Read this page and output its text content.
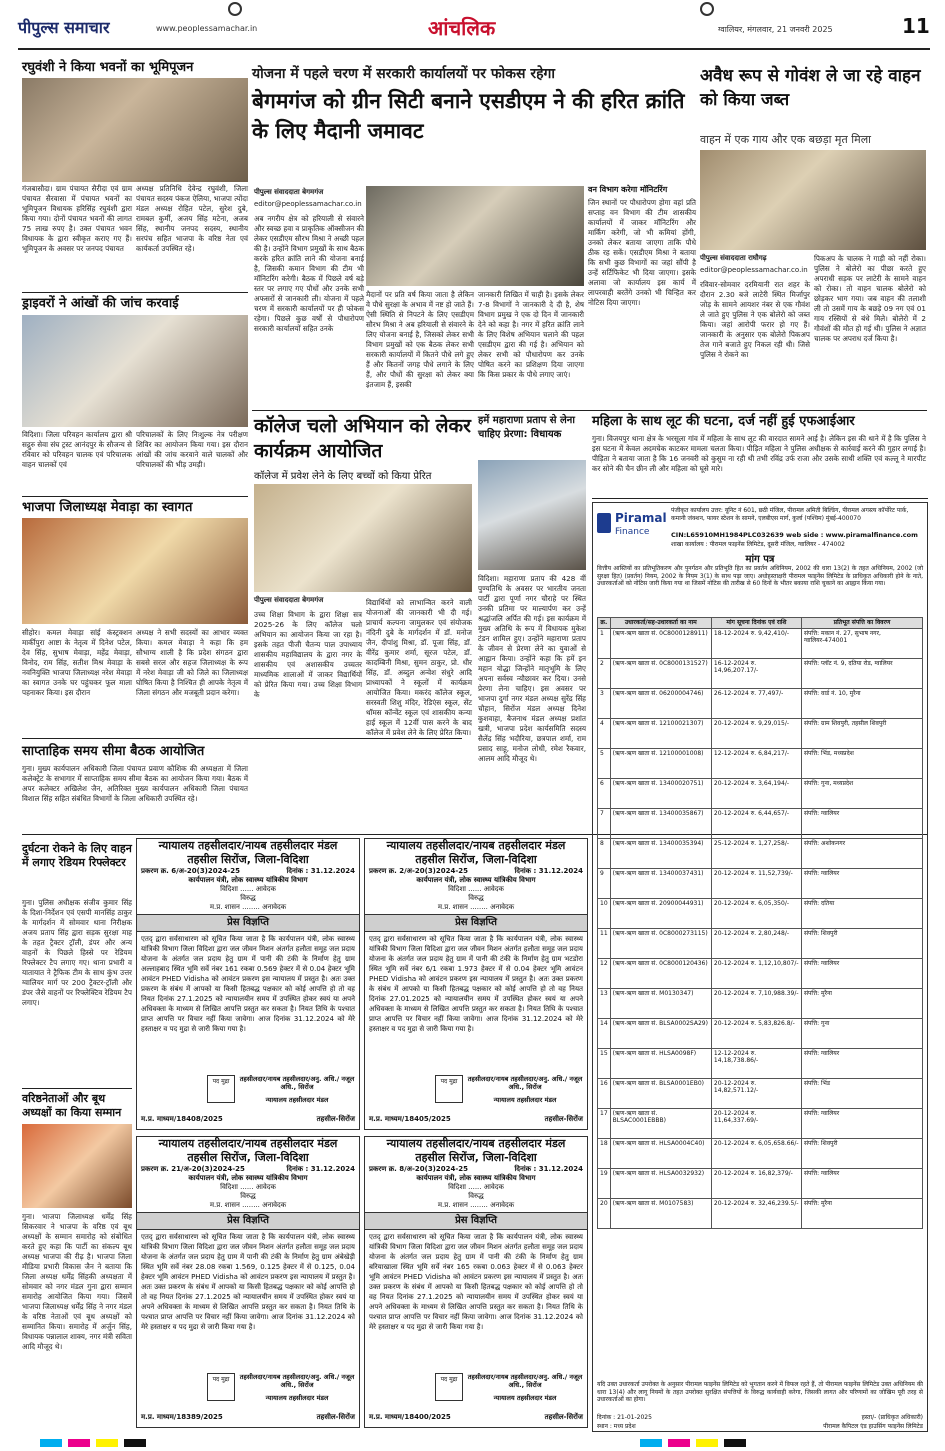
पीपुल्स समाचार	www.peoplessamachar.in	आंचलिक	ग्वालियर, मंगलवार, 21 जनवरी 2025	11
रघुवंशी ने किया भवनों का भूमिपूजन
गंजबासौदा। ग्राम पंचायत सैरीदा एवं ग्राम पंचायत सैरवासा में पंचायत भवनों का भूमिपूजन विधायक हरिसिंह रघुवंशी द्वारा किया गया। दोनों पंचायत भवनों की लागत 75 लाख रुपए है। उक्त पंचायत भवन विधायक के द्वारा स्वीकृत कराए गए हैं। भूमिपूजन के अवसर पर जनपद पंचायत
अध्यक्ष प्रतिनिधि देवेन्द्र रघुवंशी, जिला पंचायत सदस्य पंकज ऐलिया, भाजपा त्योंदा मंडल अध्यक्ष रोहित पटेल, सुरेश दुबे, रामबल कुर्मी, अजय सिंह मटेना, अजब सिंह, स्थानीय जनपद सदस्य, स्थानीय सरपंच सहित भाजपा के वरिष्ठ नेता एवं कार्यकर्ता उपस्थित रहे।
ड्राइवरों ने आंखों की जांच करवाई
विदिशा। जिला परिवहन कार्यालय द्वारा श्री सद्गुरु सेवा संघ ट्रस्ट आनंदपुर के सौजन्य से रविवार को परिवहन चालक एवं परिचालक वाहन चालकों एवं
परिचालकों के लिए निःशुल्क नेत्र परीक्षण शिविर का आयोजन किया गया। इस दौरान आंखों की जांच करवाने वाले चालकों और परिचालकों की भीड़ उमड़ी।
भाजपा जिलाध्यक्ष मेवाड़ा का स्वागत
सीहोर। कमल मेवाड़ा सांई कंस्ट्रक्शन मार्कीपुरा आष्टा के नेतृत्व में दिनेश पटेल, देव सिंह, सुभाष मेवाड़ा, महेंद्र मेवाड़ा, विनोद, राम सिंह, सतीश मिश्र मेवाड़ा के नवनियुक्ति भाजपा जिलाध्यक्ष नरेश मेवाड़ा का स्वागत उनके घर पहुंचकर फूल माला पहनाकर किया। इस दौरान
अध्यक्ष ने सभी सदस्यों का आभार व्यक्त किया। कमल मेवाड़ा ने कहा कि हम सौभाग्य शाली है कि प्रदेश संगठन द्वारा सबसे सरल और सहज जिलाध्यक्ष के रूप में नरेश मेवाड़ा जी को जिले का जिलाध्यक्ष घोषित किया है निश्चित ही आपके नेतृत्व में जिला संगठन और मजबूती प्रदान करेगा।
साप्ताहिक समय सीमा बैठक आयोजित
गुना। मुख्य कार्यपालन अधिकारी जिला पंचायत प्रवाण कौशिक की अध्यक्षता में जिला कलेक्ट्रेट के सभागार में साप्ताहिक समय सीमा बैठक का आयोजन किया गया। बैठक में अपर कलेक्टर अखिलेश जैन, अतिरिक्त मुख्य कार्यपालन अधिकारी जिला पंचायत विशाल सिंह सहित संबंधित विभागों के जिला अधिकारी उपस्थित रहे।
दुर्घटना रोकने के लिए वाहन में लगाए रेडियम रिफ्लेक्टर
गुना। पुलिस अधीक्षक संजीव कुमार सिंह के दिशा-निर्देशन एवं एसपी मानसिंह ठाकुर के मार्गदर्शन में सोमवार थाना निरीक्षक अजय प्रताप सिंह द्वारा सड़क सुरक्षा माह के तहत ट्रैक्टर ट्रॉली, डंपर और अन्य वाहनों के पिछले हिस्से पर रेडियम रिफ्लेक्टर टैप लगाए गए। थाना प्रभारी व यातायात ने ट्रैफिक टीम के साथ कुंभ उत्तर ग्वालियर मार्ग पर 200 ट्रैक्टर-ट्रॉली और डंपर जैसे वाहनों पर रिफ्लेक्टिव रेडियम टैप लगाए।
वरिष्ठनेताओं और बूथ अध्यक्षों का किया सम्मान
गुना। भाजपा जिलाध्यक्ष धर्मेंद्र सिंह सिकरवार ने भाजपा के वरिष्ठ एवं बूथ अध्यक्षों के सम्मान समारोह को संबोधित करते हुए कहा कि पार्टी का संकल्प बूथ अध्यक्ष भाजपा की रीढ़ है। भाजपा जिला मीडिया प्रभारी विकास जैन ने बताया कि जिला अध्यक्ष धर्मेंद्र सिंहकी अध्यक्षता में सोमवार को नगर मंडल गुना द्वारा सम्मान समारोह आयोजित किया गया। जिसमें भाजपा जिलाध्यक्ष धर्मेंद्र सिंह ने नगर मंडल के वरिष्ठ नेताओं एवं बूथ अध्यक्षों को सम्मानित किया। समारोह में अर्जुन सिंह, विधायक पन्नालाल शाक्य, नगर मंत्री सविता आदि मौजूद थे।
योजना में पहले चरण में सरकारी कार्यालयों पर फोकस रहेगा
बेगमगंज को ग्रीन सिटी बनाने एसडीएम ने की हरित क्रांति के लिए मैदानी जमावट
पीपुल्स संवाददाता बेगमगंज
editor@peoplessamachar.co.in
अब नगरीय क्षेत्र को हरियाली से संवारने और स्वच्छ हवा व प्राकृतिक ऑक्सीजन की लेकर एसडीएम सौरभ मिश्रा ने अच्छी पहल की है। उन्होंने विभाग प्रमुखों के साथ बैठक करके हरित क्रांति लाने की योजना बनाई है, जिसकी कमान विभाग की टीम भी मॉनिटरिंग करेगी। बैठक में पिछले वर्ष बड़े स्तर पर लगाए गए पौधों और उनके सभी अफसरों से जानकारी ली। योजना में पहले चरण में सरकारी कार्यालयों पर ही फोकस रहेगा। पिछले कुछ वर्षों से पौधारोपण सरकारी कार्यालयों सहित उनके
मैदानों पर प्रति वर्ष किया जाता है लेकिन वे पौधे सुरक्षा के अभाव में नष्ट हो जाते हैं। ऐसी स्थिति से निपटने के लिए एसडीएम सौरभ मिश्रा ने अब हरियाली से संवारने के लिए योजना बनाई है, जिसको लेकर सभी विभाग प्रमुखों को एक बैठक लेकर सभी सरकारी कार्यालयों में कितने पौधे लगे हुए हैं और कितनों जगह पौधे लगाने के लिए हैं, और पौधों की सुरक्षा को लेकर क्या इंतजाम हैं, इसकी
जानकारी लिखित में चाही है। इसके लेकर 7-8 विभागों ने जानकारी दे दी है, शेष विभाग प्रमुख ने एक दो दिन में जानकारी देने को कहा है। नगर में हरित क्रांति लाने के लिए विशेष अभियान चलाने की पहल एसडीएम द्वारा की गई है। अभियान को लेकर सभी को पौधारोपण कर उनके पोषित करने का प्रशिक्षण दिया जाएगा कि किस प्रकार के पौधे लगाए जाएं।
वन विभाग करेगा मॉनिटरिंग
जिन स्थानों पर पौधारोपण होगा वहां प्रति सप्ताह वन विभाग की टीम शासकीय कार्यालयों में जाकर मॉनिटरिंग और मार्किंग करेगी, जो भी कमियां होंगी, उनको लेकर बताया जाएगा ताकि पौधे ठीक रह सकें। एसडीएम मिश्रा ने बताया कि सभी कुछ विभागों का जहां सौंपी है उन्हें सर्टिफिकेट भी दिया जाएगा। इसके अलावा जो कार्यालय इस कार्य में लापरवाही बरतेंगे उनको भी चिन्हित कर नोटिस दिया जाएगा।
अवैध रूप से गोवंश ले जा रहे वाहन को किया जब्त
वाहन में एक गाय और एक बछड़ा मृत मिला
पीपुल्स संवाददाता राघौगढ़
editor@peoplessamachar.co.in
रविवार-सोमवार दरमियानी रात शहर के दौरान 2.30 बजे लाटेरी स्थित मिर्जापुर जोड़ के सामने आयशर नंबर से एक गौवंश ले जाते हुए पुलिस ने एक बोलेरो को जब्त किया। जहां आरोपी फरार हो गए हैं। जानकारी के अनुसार एक बोलेरो पिकअप तेज गाने बजाते हुए निकल रही थी। जिसे पुलिस ने रोकने का
पिकअप के चालक ने गाड़ी को नहीं रोका। पुलिस ने बोलेरो का पीछा करते हुए अपराधी सड़क पर लाटेरी के सामने वाहन को रोका। तो वाहन चालक बोलेरो को छोड़कर भाग गया। जब वाहन की तलाशी ली तो उसमें गाय के बछड़े 09 नग एवं 01 गाय रस्सियों से बंधे मिले। बोलेरो में 2 गौवंशों की मौत हो गई थी। पुलिस ने अज्ञात चालक पर अपराध दर्ज किया है।
कॉलेज चलो अभियान को लेकर कार्यक्रम आयोजित
कॉलेज में प्रवेश लेने के लिए बच्चों को किया प्रेरित
पीपुल्स संवाददाता बेगमगंज
उच्च शिक्षा विभाग के द्वारा शिक्षा सत्र 2025-26 के लिए कॉलेज चलो अभियान का आयोजन किया जा रहा है। इसके तहत पीजी चैतन्य पाल उपाध्याय शासकीय महाविद्यालय के द्वारा नगर के शासकीय एवं अशासकीय उच्चतर माध्यमिक शालाओं में जाकर विद्यार्थियों को प्रेरित किया गया। उच्च शिक्षा विभाग के
विद्यार्थियों को लाभान्वित करने वाली योजनाओं की जानकारी भी दी गई। प्राचार्य कल्पना जामुलकर एवं संयोजक नंदिनी दुबे के मार्गदर्शन में डॉ. मनोज जैन, दीपांशु मिश्रा, डॉ. पूजा सिंह, डॉ. वीरेंद्र कुमार शर्मा, सूरज पटेल, डॉ. कादम्बिनी मिश्रा, सुमन ठाकुर, प्रो. धीर सिंह, डॉ. अब्दुल अन्वेश संधुरे आदि प्राध्यापकों ने स्कूलों में कार्यक्रम आयोजित किया। मकरंद कॉलेज स्कूल, सरस्वती शिशु मंदिर, रेडिएंस स्कूल, सेंट थॉमस कॉन्वेंट स्कूल एवं शासकीय कन्या हाई स्कूल में 12वीं पास करने के बाद कॉलेज में प्रवेश लेने के लिए प्रेरित किया।
हमें महाराणा प्रताप से लेना चाहिए प्रेरणा: विधायक
विदिशा। महाराणा प्रताप की 428 वीं पुण्यतिथि के अवसर पर भारतीय जनता पार्टी द्वारा पूर्णा नगर चौराहे पर स्थित उनकी प्रतिमा पर माल्यार्पण कर उन्हें श्रद्धांजलि अर्पित की गई। इस कार्यक्रम में मुख्य अतिथि के रूप में विधायक मुकेश टंडन शामिल हुए। उन्होंने महाराणा प्रताप के जीवन से प्रेरणा लेने का युवाओं से आह्वान किया। उन्होंने कहा कि हमें इन महान योद्धा जिन्होंने मातृभूमि के लिए अपना सर्वस्व न्यौछावर कर दिया। उनसे प्रेरणा लेना चाहिए। इस अवसर पर भाजपा दुर्गा नगर मंडल अध्यक्ष सुरेंद्र सिंह चौहान, सिरोंज मंडल अध्यक्ष दिनेश कुशवाहा, बैजनाथ मंडल अध्यक्ष प्रशांत खत्री, भाजपा प्रदेश कार्यसमिति सदस्य सैलेंद्र सिंह भदौरिया, छत्रपाल शर्मा, राम प्रसाद साहू, मनोज लोधी, रमेश रैकवार, आलम आदि मौजूद थे।
महिला के साथ लूट की घटना, दर्ज नहीं हुई एफआईआर
गुना। विजयपुर थाना क्षेत्र के भरसूला गांव में महिला के साथ लूट की वारदात सामने आई है। लेकिन इस की थाने में है कि पुलिस ने इस घटना में केवल अदमचेक काटकर मामला चलता किया। पीड़ित महिला ने पुलिस अधीक्षक से कार्रवाई करने की गुहार लगाई है। पीड़िता ने बताया जाता है कि 16 जनवरी को कुसुम ना रही थी तभी रविंद्र उर्फ राजा और उसके साथी शक्ति एवं कल्लू ने मारपीट कर सोने की चैन छीन ली और महिला को घूसे मारे।
Piramal
Finance
पंजीकृत कार्यालय उत्तर: यूनिट नं 601, छठी मंजिल, पीरामल अमिती बिल्डिंग, पीरामल अगस्त्य कॉर्पोरेट पार्क, कमानी जंक्शन, फायर स्टेशन के सामने, एलबीएस मार्ग, कुर्ला (पश्चिम) मुंबई-400070
CIN:L65910MH1984PLC032639 web side : www.piramalfinance.com
शाखा कार्यालय : पीरामल फाइनेंस लिमिटेड, दूसरी मंजिल, ग्वालियर - 474002
मांग पत्र
वित्तीय आस्तियों का प्रतिभूतिकरण और पुनर्गठन और प्रतिभूति हित का प्रवर्तन अधिनियम, 2002 की धारा 13(2) के तहत अधिनियम, 2002 (जो सुरक्षा हित) (प्रवर्तन) नियम, 2002 के नियम 3(1) के साथ पढ़ा जाए। अधोहस्ताक्षरी पीरामल फाइनेंस लिमिटेड के प्राधिकृत अधिकारी होने के नाते, उधारकर्ताओं को नोटिस जारी किया गया था जिसमें नोटिस की तारीख से 60 दिनों के भीतर बकाया राशि चुकाने का आह्वान किया गया।
क्र.	उधारकर्ता/सह-उधारकर्ता का नाम	मांग सूचना दिनांक एवं राशि	प्रतिभूत संपत्ति का विवरण
1	(ऋण-ऋण खाता सं. 0C8000128911)	18-12-2024 रु. 9,42,410/-	संपत्ति: मकान नं. 27, सुभाष नगर, ग्वालियर-474001
2	(ऋण-ऋण खाता सं. 0C8000131527)	16-12-2024 रु. 14,96,207.17/-	संपत्ति: प्लॉट नं. 9, दतिया रोड, ग्वालियर
3	(ऋण-ऋण खाता सं. 06200004746)	26-12-2024 रु. 77,497/-	संपत्ति: वार्ड नं. 10, मुरैना
4	(ऋण-ऋण खाता सं. 12100021307)	20-12-2024 रु. 9,29,015/-	संपत्ति: ग्राम शिवपुरी, तहसील शिवपुरी
5	(ऋण-ऋण खाता सं. 12100001008)	12-12-2024 रु. 6,84,217/-	संपत्ति: भिंड, मध्यप्रदेश
6	(ऋण-ऋण खाता सं. 13400020751)	20-12-2024 रु. 3,64,194/-	संपत्ति: गुना, मध्यप्रदेश
7	(ऋण-ऋण खाता सं. 13400035867)	20-12-2024 रु. 6,44,657/-	संपत्ति: ग्वालियर
8	(ऋण-ऋण खाता सं. 13400035394)	25-12-2024 रु. 1,27,258/-	संपत्ति: अशोकनगर
9	(ऋण-ऋण खाता सं. 13400037431)	20-12-2024 रु. 11,52,739/-	संपत्ति: ग्वालियर
10	(ऋण-ऋण खाता सं. 20900044931)	20-12-2024 रु. 6,05,350/-	संपत्ति: दतिया
11	(ऋण-ऋण खाता सं. 0C8000273115)	20-12-2024 रु. 2,80,248/-	संपत्ति: शिवपुरी
12	(ऋण-ऋण खाता सं. 0C8000120436)	20-12-2024 रु. 1,12,10,807/-	संपत्ति: ग्वालियर
13	(ऋण-ऋण खाता सं. M0130347)	20-12-2024 रु. 7,10,988.39/-	संपत्ति: मुरैना
14	(ऋण-ऋण खाता सं. BLSA0002SA29)	20-12-2024 रु. 5,83,826.8/-	संपत्ति: गुना
15	(ऋण-ऋण खाता सं. HLSA0098F)	12-12-2024 रु. 14,18,738.86/-	संपत्ति: ग्वालियर
16	(ऋण-ऋण खाता सं. BLSA0001EB0)	20-12-2024 रु. 14,82,571.12/-	संपत्ति: भिंड
17	(ऋण-ऋण खाता सं. BLSAC0001EBBB)	20-12-2024 रु. 11,64,337.69/-	संपत्ति: ग्वालियर
18	(ऋण-ऋण खाता सं. HLSA0004C40)	20-12-2024 रु. 6,05,658.66/-	संपत्ति: शिवपुरी
19	(ऋण-ऋण खाता सं. HLSA0032932)	20-12-2024 रु. 16,82,379/-	संपत्ति: ग्वालियर
20	(ऋण-ऋण खाता सं. M0107583)	20-12-2024 रु. 32,46,239.5/-	संपत्ति: मुरैना
यदि उक्त उधारकर्ता उपरोक्त के अनुसार पीरामल फाइनेंस लिमिटेड को भुगतान करने में विफल रहते हैं, तो पीरामल फाइनेंस लिमिटेड उक्त अधिनियम की धारा 13(4) और लागू नियमों के तहत उपरोक्त सुरक्षित संपत्तियों के विरुद्ध कार्यवाही करेगा, जिसकी लागत और परिणामों का जोखिम पूरी तरह से उधारकर्ताओं का होगा।
दिनांक : 21-01-2025
स्थान : मध्य प्रदेश
हस्ता/- (प्राधिकृत अधिकारी)
पीरामल कैपिटल एंड हाउसिंग फाइनेंस लिमिटेड
न्यायालय तहसीलदार/नायब तहसीलदार मंडल
तहसील सिरोंज, जिला-विदिशा
प्रकरण क्र. 6/अ-20(3)2024-25	दिनांक : 31.12.2024
कार्यपालन यंत्री, लोक स्वास्थ्य यांत्रिकीय विभाग
विदिशा ...... आवेदक
विरुद्ध
म.प्र. शासन ........ अनावेदक
प्रेस विज्ञप्ति
एतद् द्वारा सर्वसाधारण को सूचित किया जाता है कि कार्यपालन यंत्री, लोक स्वास्थ्य यांत्रिकी विभाग जिला विदिशा द्वारा जल जीवन मिशन अंतर्गत हलौता समूह जल प्रदाय योजना के अंतर्गत जल प्रदाय हेतु ग्राम में पानी की टंकी के निर्माण हेतु ग्राम अल्लाहबाद स्थित भूमि सर्वे नंबर 161 रकबा 0.569 हेक्टर में से 0.04 हेक्टर भूमि आवंटन PHED Vidisha को आवंटन प्रकरण इस न्यायालय में प्रस्तुत है। अतः उक्त प्रकरण के संबंध में आपको या किसी हितबद्ध पक्षकार को कोई आपत्ति हो तो वह नियत दिनांक 27.1.2025 को न्यायालयीन समय में उपस्थित होकर स्वयं या अपने अधिवक्ता के माध्यम से लिखित आपत्ति प्रस्तुत कर सकता है। नियत तिथि के पश्चात प्राप्त आपत्ति पर विचार नहीं किया जावेगा। आज दिनांक 31.12.2024 को मेरे हस्ताक्षर व पद मुद्रा से जारी किया गया है।
पद मुद्रा	तहसीलदार/नायब तहसीलदार/अनु. अधि./ नजूल अधि., सिरोंज
न्यायालय तहसीलदार मंडल
म.प्र. माध्यम/18408/2025	तहसील-सिरोंज
न्यायालय तहसीलदार/नायब तहसीलदार मंडल
तहसील सिरोंज, जिला-विदिशा
प्रकरण क्र. 2/अ-20(3)2024-25	दिनांक : 31.12.2024
कार्यपालन यंत्री, लोक स्वास्थ्य यांत्रिकीय विभाग
विदिशा ...... आवेदक
विरुद्ध
म.प्र. शासन ........ अनावेदक
प्रेस विज्ञप्ति
एतद् द्वारा सर्वसाधारण को सूचित किया जाता है कि कार्यपालन यंत्री, लोक स्वास्थ्य यांत्रिकी विभाग जिला विदिशा द्वारा जल जीवन मिशन अंतर्गत हलौता समूह जल प्रदाय योजना के अंतर्गत जल प्रदाय हेतु ग्राम में पानी की टंकी के निर्माण हेतु ग्राम भटडोरा स्थित भूमि सर्वे नंबर 6/1 रकबा 1.973 हेक्टर में से 0.04 हेक्टर भूमि आवंटन PHED Vidisha को आवंटन प्रकरण इस न्यायालय में प्रस्तुत है। अतः उक्त प्रकरण के संबंध में आपको या किसी हितबद्ध पक्षकार को कोई आपत्ति हो तो वह नियत दिनांक 27.01.2025 को न्यायालयीन समय में उपस्थित होकर स्वयं या अपने अधिवक्ता के माध्यम से लिखित आपत्ति प्रस्तुत कर सकता है। नियत तिथि के पश्चात प्राप्त आपत्ति पर विचार नहीं किया जावेगा। आज दिनांक 31.12.2024 को मेरे हस्ताक्षर व पद मुद्रा से जारी किया गया है।
पद मुद्रा	तहसीलदार/नायब तहसीलदार/अनु. अधि./ नजूल अधि., सिरोंज
न्यायालय तहसीलदार मंडल
म.प्र. माध्यम/18405/2025	तहसील-सिरोंज
न्यायालय तहसीलदार/नायब तहसीलदार मंडल
तहसील सिरोंज, जिला-विदिशा
प्रकरण क्र. 21/अ-20(3)2024-25	दिनांक : 31.12.2024
कार्यपालन यंत्री, लोक स्वास्थ्य यांत्रिकीय विभाग
विदिशा ...... आवेदक
विरुद्ध
म.प्र. शासन ........ अनावेदक
प्रेस विज्ञप्ति
एतद् द्वारा सर्वसाधारण को सूचित किया जाता है कि कार्यपालन यंत्री, लोक स्वास्थ्य यांत्रिकी विभाग जिला विदिशा द्वारा जल जीवन मिशन अंतर्गत हलौता समूह जल प्रदाय योजना के अंतर्गत जल प्रदाय हेतु ग्राम में पानी की टंकी के निर्माण हेतु ग्राम अंबेखेड़ी स्थित भूमि सर्वे नंबर 28.08 रकबा 1.569, 0.125 हेक्टर में से 0.125, 0.04 हेक्टर भूमि आवंटन PHED Vidisha को आवंटन प्रकरण इस न्यायालय में प्रस्तुत है। अतः उक्त प्रकरण के संबंध में आपको या किसी हितबद्ध पक्षकार को कोई आपत्ति हो तो वह नियत दिनांक 27.1.2025 को न्यायालयीन समय में उपस्थित होकर स्वयं या अपने अधिवक्ता के माध्यम से लिखित आपत्ति प्रस्तुत कर सकता है। नियत तिथि के पश्चात प्राप्त आपत्ति पर विचार नहीं किया जावेगा। आज दिनांक 31.12.2024 को मेरे हस्ताक्षर व पद मुद्रा से जारी किया गया है।
पद मुद्रा	तहसीलदार/नायब तहसीलदार/अनु. अधि./ नजूल अधि., सिरोंज
न्यायालय तहसीलदार मंडल
म.प्र. माध्यम/18389/2025	तहसील-सिरोंज
न्यायालय तहसीलदार/नायब तहसीलदार मंडल
तहसील सिरोंज, जिला-विदिशा
प्रकरण क्र. 8/अ-20(3)2024-25	दिनांक : 31.12.2024
कार्यपालन यंत्री, लोक स्वास्थ्य यांत्रिकीय विभाग
विदिशा ...... आवेदक
विरुद्ध
म.प्र. शासन ........ अनावेदक
प्रेस विज्ञप्ति
एतद् द्वारा सर्वसाधारण को सूचित किया जाता है कि कार्यपालन यंत्री, लोक स्वास्थ्य यांत्रिकी विभाग जिला विदिशा द्वारा जल जीवन मिशन अंतर्गत हलौता समूह जल प्रदाय योजना के अंतर्गत जल प्रदाय हेतु ग्राम में पानी की टंकी के निर्माण हेतु ग्राम बरियाखाला स्थित भूमि सर्वे नंबर 165 रकबा 0.063 हेक्टर में से 0.063 हेक्टर भूमि आवंटन PHED Vidisha को आवंटन प्रकरण इस न्यायालय में प्रस्तुत है। अतः उक्त प्रकरण के संबंध में आपको या किसी हितबद्ध पक्षकार को कोई आपत्ति हो तो वह नियत दिनांक 27.1.2025 को न्यायालयीन समय में उपस्थित होकर स्वयं या अपने अधिवक्ता के माध्यम से लिखित आपत्ति प्रस्तुत कर सकता है। नियत तिथि के पश्चात प्राप्त आपत्ति पर विचार नहीं किया जावेगा। आज दिनांक 31.12.2024 को मेरे हस्ताक्षर व पद मुद्रा से जारी किया गया है।
पद मुद्रा	तहसीलदार/नायब तहसीलदार/अनु. अधि./ नजूल अधि., सिरोंज
न्यायालय तहसीलदार मंडल
म.प्र. माध्यम/18400/2025	तहसील-सिरोंज
